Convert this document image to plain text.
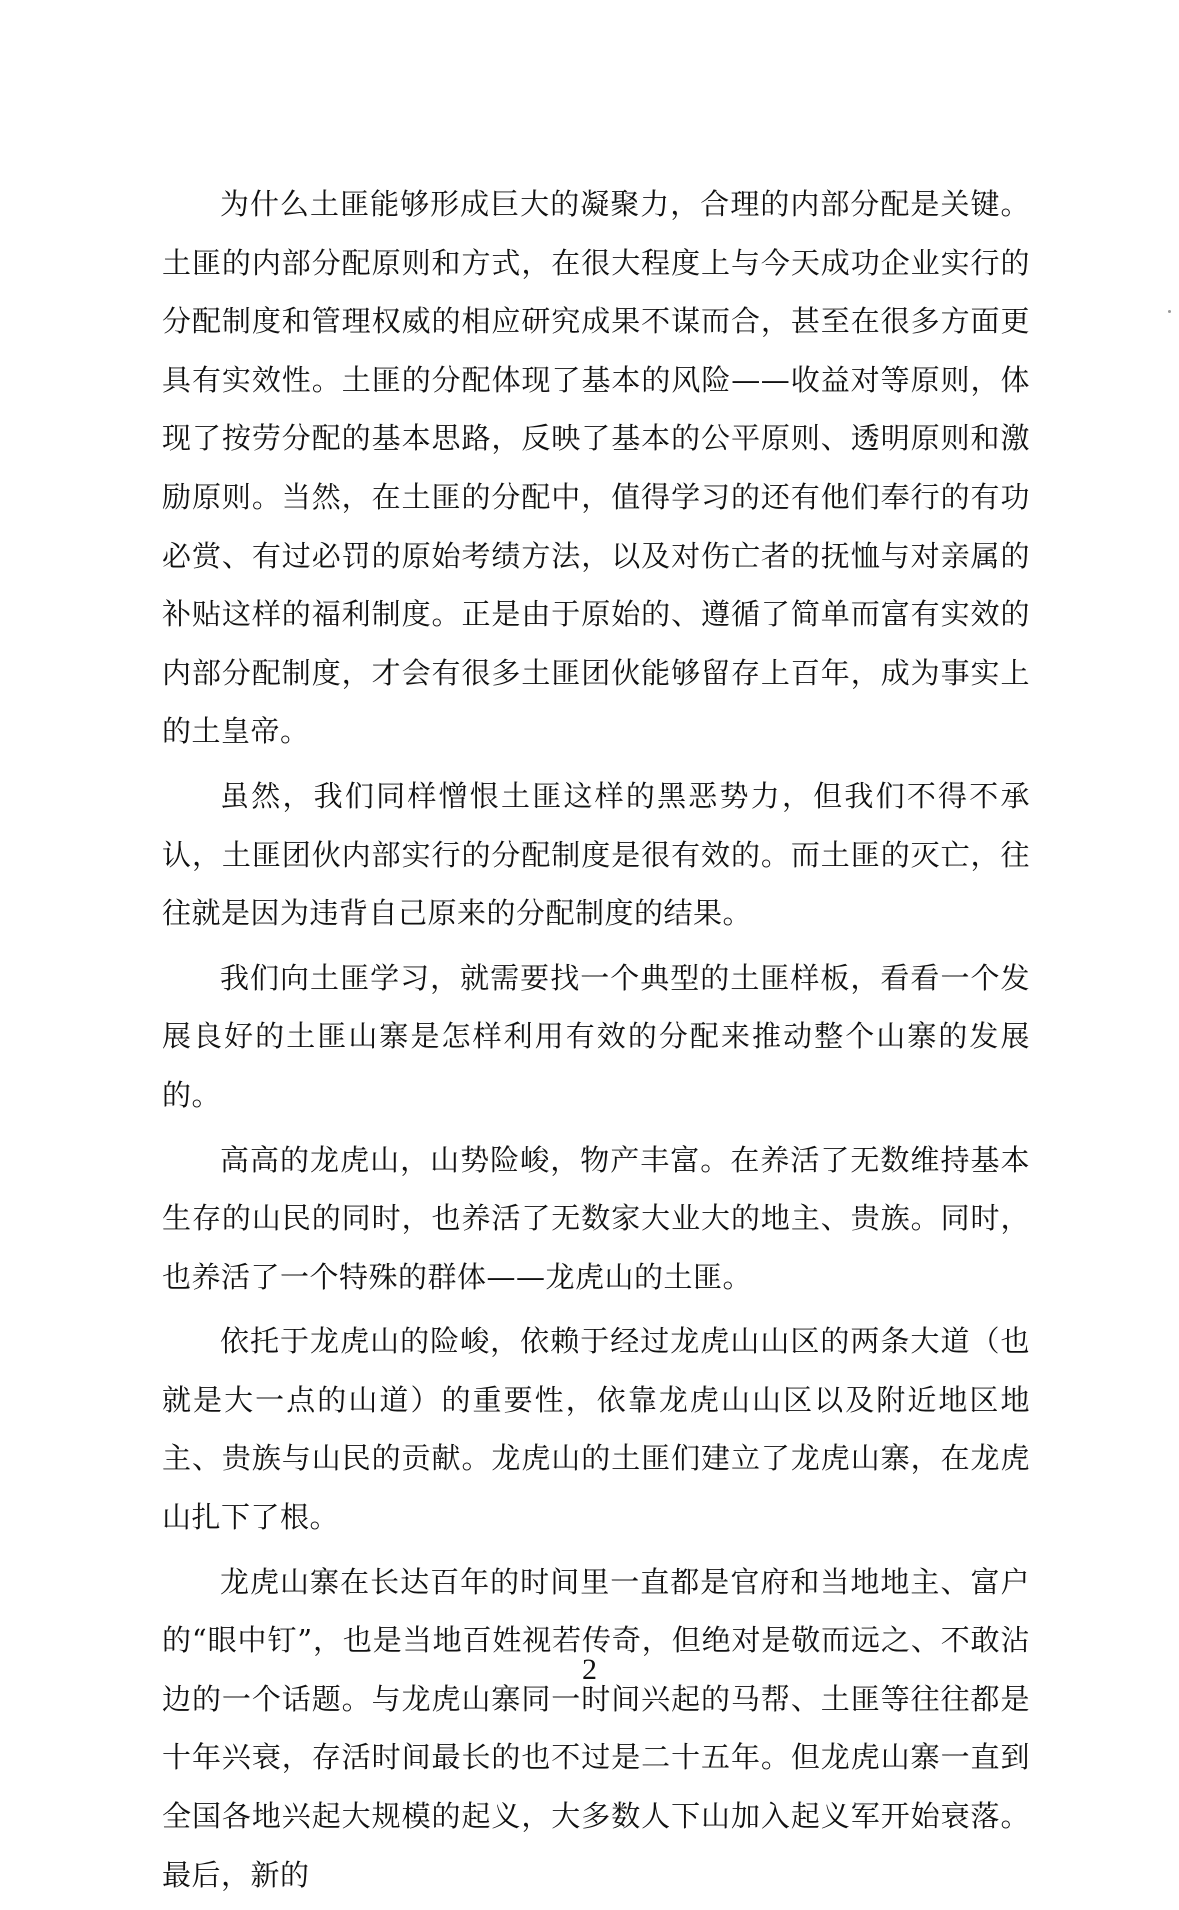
为什么土匪能够形成巨大的凝聚力，合理的内部分配是关键。土匪的内部分配原则和方式，在很大程度上与今天成功企业实行的分配制度和管理权威的相应研究成果不谋而合，甚至在很多方面更具有实效性。土匪的分配体现了基本的风险——收益对等原则，体现了按劳分配的基本思路，反映了基本的公平原则、透明原则和激励原则。当然，在土匪的分配中，值得学习的还有他们奉行的有功必赏、有过必罚的原始考绩方法，以及对伤亡者的抚恤与对亲属的补贴这样的福利制度。正是由于原始的、遵循了简单而富有实效的内部分配制度，才会有很多土匪团伙能够留存上百年，成为事实上的土皇帝。

虽然，我们同样憎恨土匪这样的黑恶势力，但我们不得不承认，土匪团伙内部实行的分配制度是很有效的。而土匪的灭亡，往往就是因为违背自己原来的分配制度的结果。

我们向土匪学习，就需要找一个典型的土匪样板，看看一个发展良好的土匪山寨是怎样利用有效的分配来推动整个山寨的发展的。

高高的龙虎山，山势险峻，物产丰富。在养活了无数维持基本生存的山民的同时，也养活了无数家大业大的地主、贵族。同时，也养活了一个特殊的群体——龙虎山的土匪。

依托于龙虎山的险峻，依赖于经过龙虎山山区的两条大道（也就是大一点的山道）的重要性，依靠龙虎山山区以及附近地区地主、贵族与山民的贡献。龙虎山的土匪们建立了龙虎山寨，在龙虎山扎下了根。

龙虎山寨在长达百年的时间里一直都是官府和当地地主、富户的“眼中钉”，也是当地百姓视若传奇，但绝对是敬而远之、不敢沾边的一个话题。与龙虎山寨同一时间兴起的马帮、土匪等往往都是十年兴衰，存活时间最长的也不过是二十五年。但龙虎山寨一直到全国各地兴起大规模的起义，大多数人下山加入起义军开始衰落。最后，新的

2
